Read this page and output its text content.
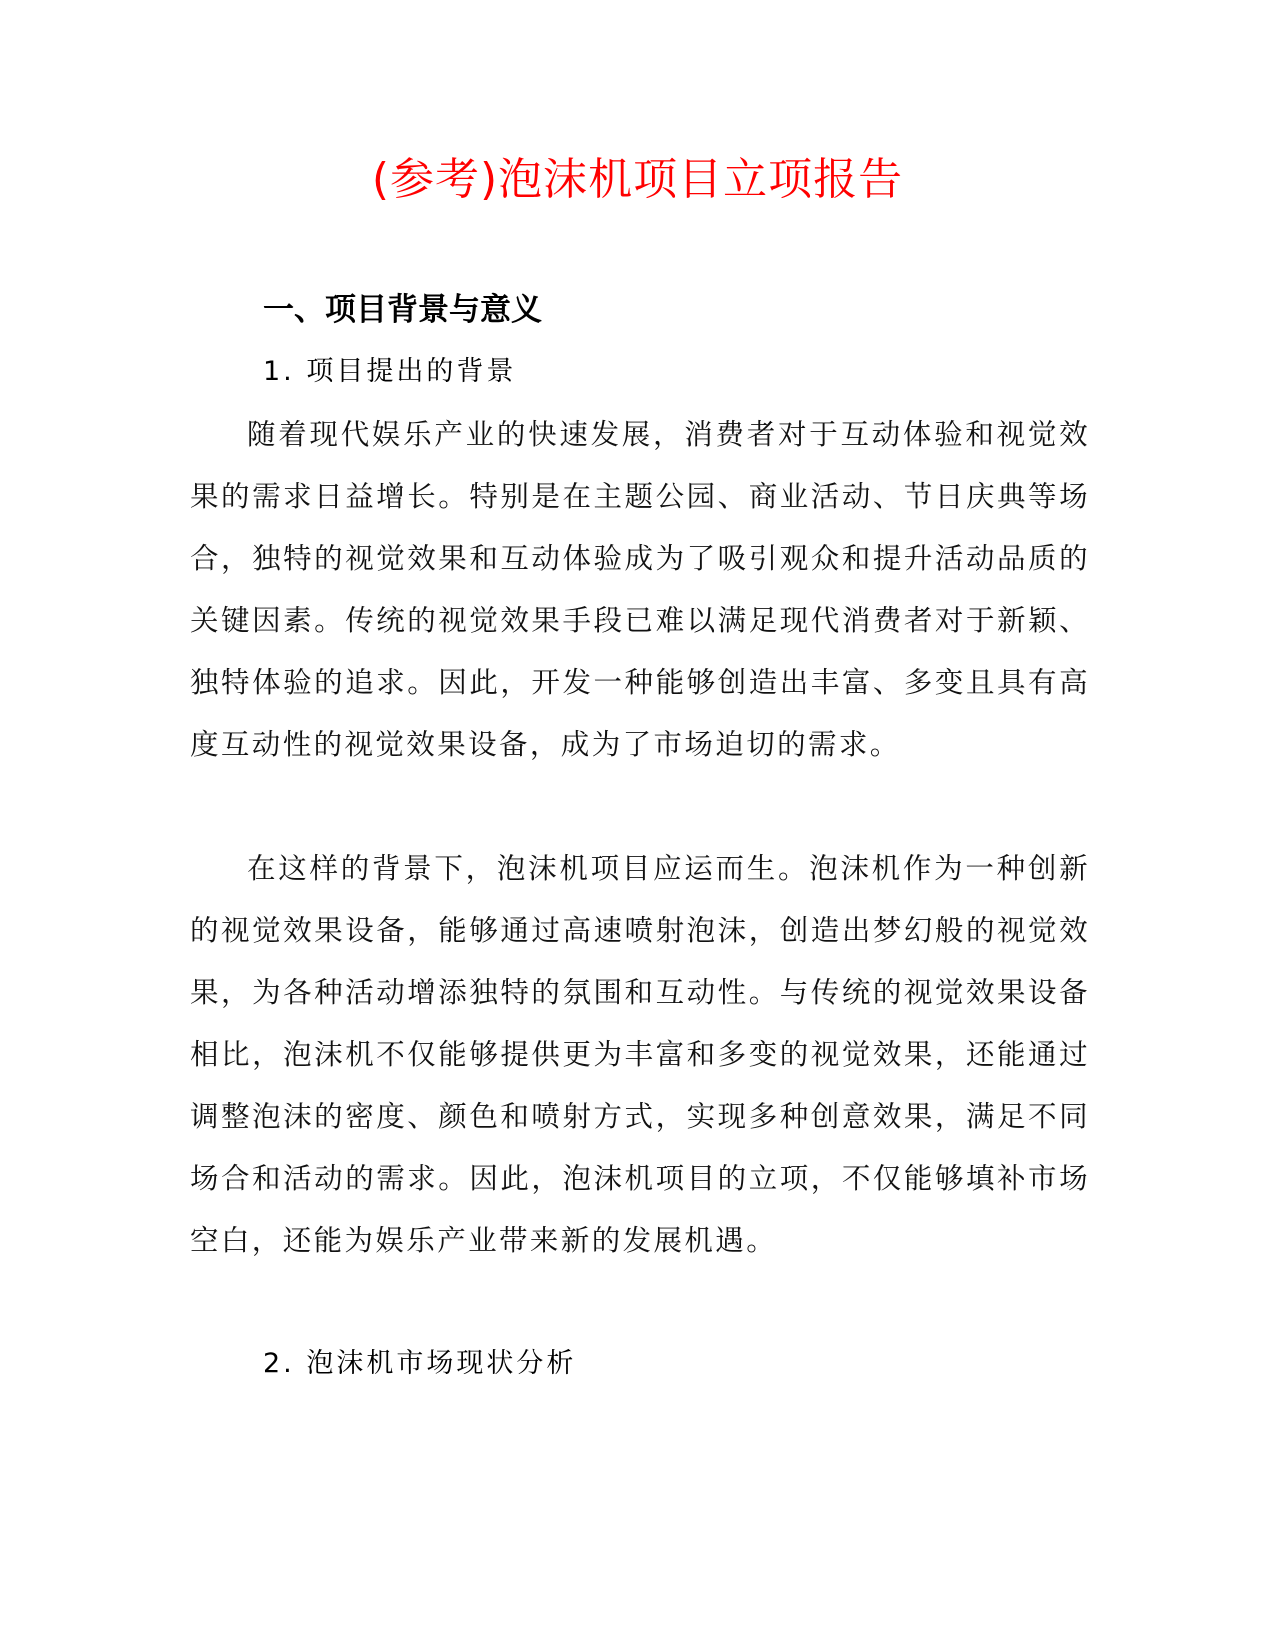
(参考)泡沫机项目立项报告
一、项目背景与意义
1. 项目提出的背景

随着现代娱乐产业的快速发展，消费者对于互动体验和视觉效果的需求日益增长。特别是在主题公园、商业活动、节日庆典等场合，独特的视觉效果和互动体验成为了吸引观众和提升活动品质的关键因素。传统的视觉效果手段已难以满足现代消费者对于新颖、独特体验的追求。因此，开发一种能够创造出丰富、多变且具有高度互动性的视觉效果设备，成为了市场迫切的需求。

在这样的背景下，泡沫机项目应运而生。泡沫机作为一种创新的视觉效果设备，能够通过高速喷射泡沫，创造出梦幻般的视觉效果，为各种活动增添独特的氛围和互动性。与传统的视觉效果设备相比，泡沫机不仅能够提供更为丰富和多变的视觉效果，还能通过调整泡沫的密度、颜色和喷射方式，实现多种创意效果，满足不同场合和活动的需求。因此，泡沫机项目的立项，不仅能够填补市场空白，还能为娱乐产业带来新的发展机遇。

2. 泡沫机市场现状分析
